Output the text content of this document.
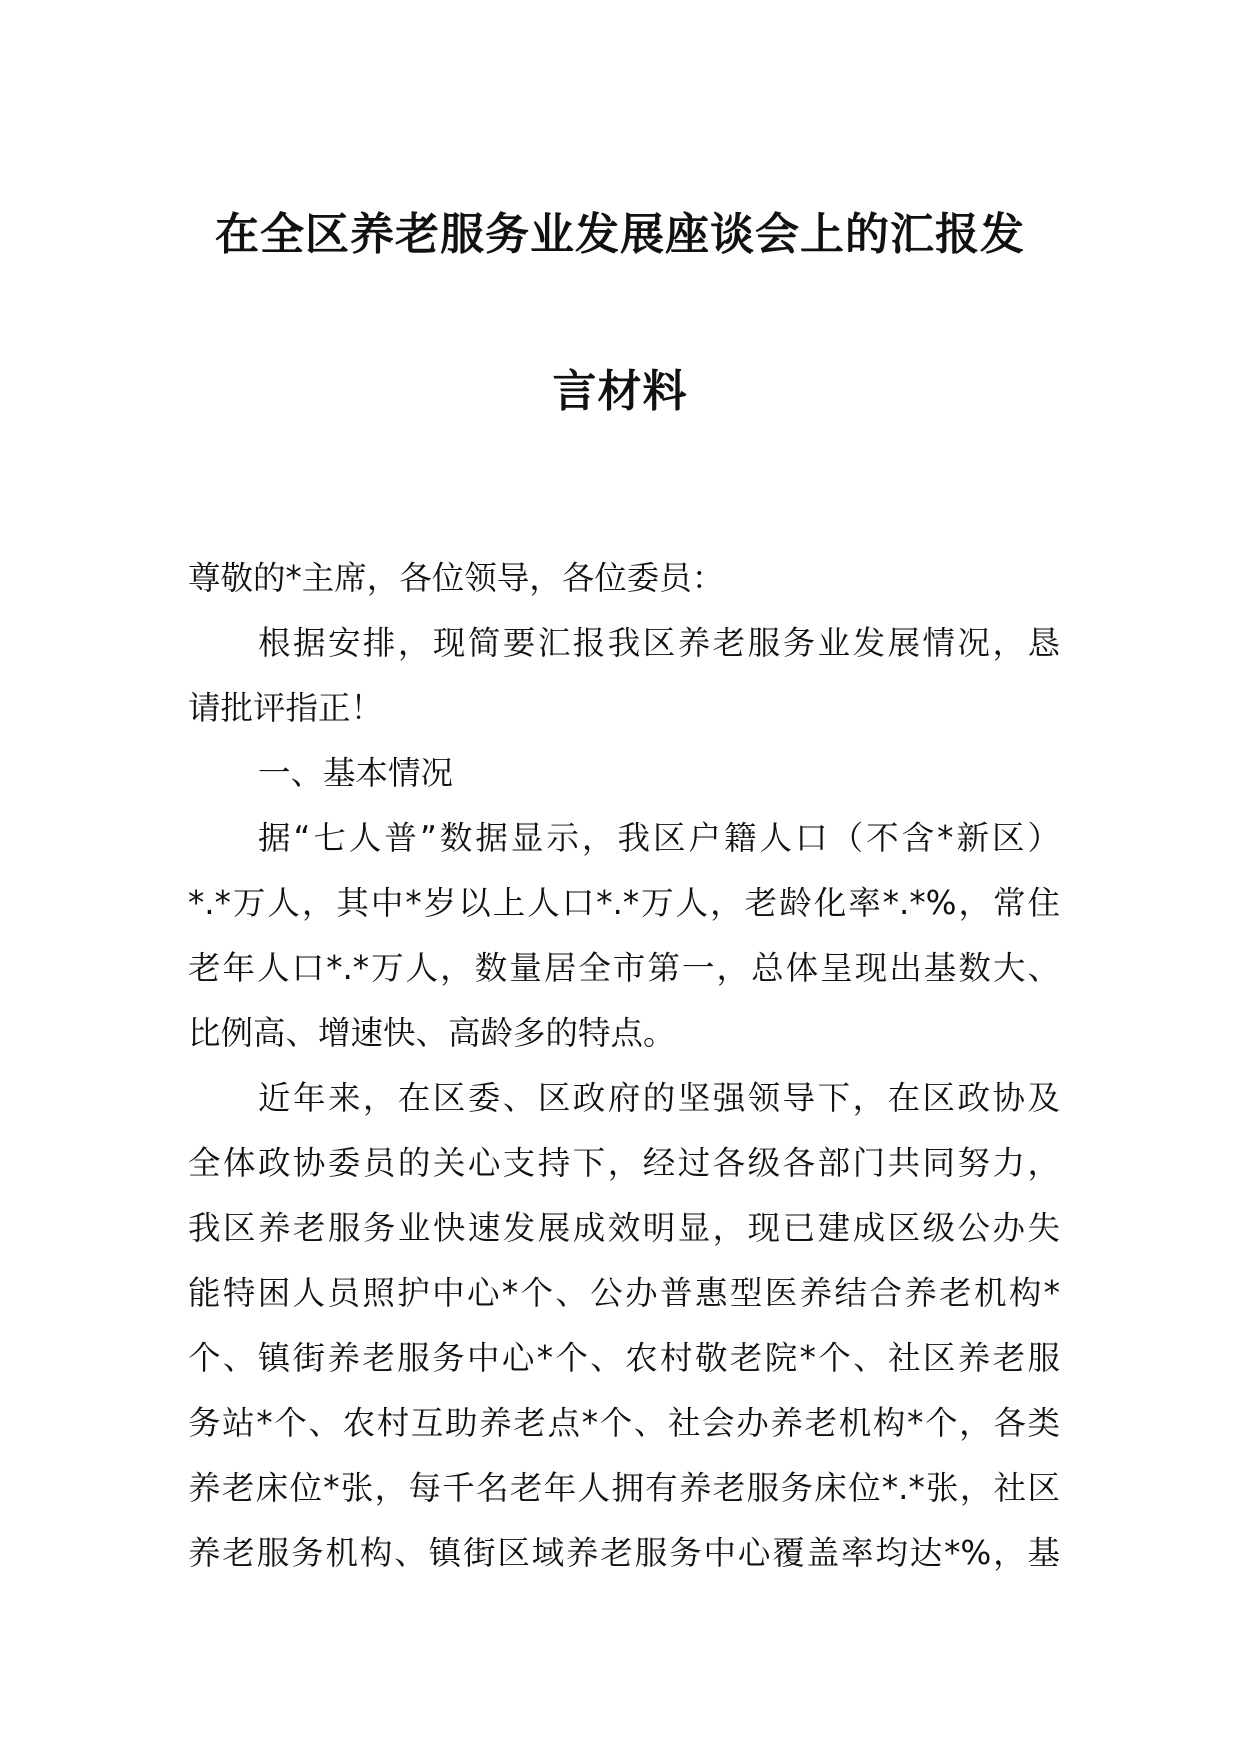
在全区养老服务业发展座谈会上的汇报发
言材料
尊敬的*主席，各位领导，各位委员：
根据安排，现简要汇报我区养老服务业发展情况，恳
请批评指正！
一、基本情况
据“七人普”数据显示，我区户籍人口（不含*新区）
*.*万人，其中*岁以上人口*.*万人，老龄化率*.*%，常住
老年人口*.*万人，数量居全市第一，总体呈现出基数大、
比例高、增速快、高龄多的特点。
近年来，在区委、区政府的坚强领导下，在区政协及
全体政协委员的关心支持下，经过各级各部门共同努力，
我区养老服务业快速发展成效明显，现已建成区级公办失
能特困人员照护中心*个、公办普惠型医养结合养老机构*
个、镇街养老服务中心*个、农村敬老院*个、社区养老服
务站*个、农村互助养老点*个、社会办养老机构*个，各类
养老床位*张，每千名老年人拥有养老服务床位*.*张，社区
养老服务机构、镇街区域养老服务中心覆盖率均达*%，基
